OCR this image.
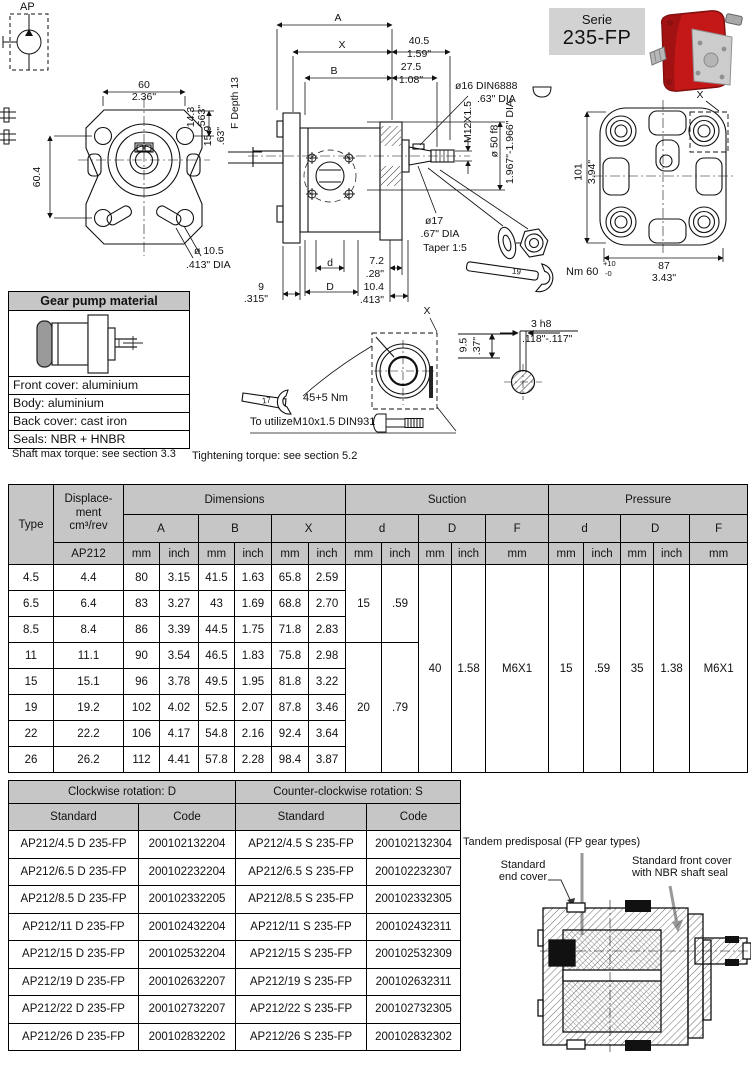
Serie
235-FP
AP
60
2.36"
14.3
.563"
60.4
ø 10.5
.413" DIA
A
X	40.5
1.59"
B	27.5
1.08"
F Depth 13
15.9 .63"
ø16 DIN6888
.63" DIA
M12X1.5 ø 50 f8 1.967"-1.966" DIA
ø17
.67" DIA
Taper 1:5
7.2
.28"
10.4
.413"
9
.315"
d
D
X
19	Nm 60
+10
-0
X
101 3.94"
87
3.43"
45+5 Nm
17
To utilizeM10x1.5 DIN931
9.5 .37"
3 h8
.118"-.117"
Gear pump material
Front cover: aluminium
Body: aluminium
Back cover: cast iron
Seals: NBR + HNBR
Shaft max torque: see section 3.3 Tightening torque: see section 5.2
Type	Displace-
ment
cm³/rev	Dimensions						Suction					Pressure				
		A		B		X		d		D		F	d		D		F
	AP212	mm	inch	mm	inch	mm	inch	mm	inch	mm	inch	mm	mm	inch	mm	inch	mm
4.5	4.4	80	3.15	41.5	1.63	65.8	2.59	15	.59	40	1.58	M6X1	15	.59	35	1.38	M6X1
6.5	6.4	83	3.27	43	1.69	68.8	2.70										
8.5	8.4	86	3.39	44.5	1.75	71.8	2.83										
11	11.1	90	3.54	46.5	1.83	75.8	2.98	20	.79								
15	15.1	96	3.78	49.5	1.95	81.8	3.22										
19	19.2	102	4.02	52.5	2.07	87.8	3.46										
22	22.2	106	4.17	54.8	2.16	92.4	3.64										
26	26.2	112	4.41	57.8	2.28	98.4	3.87										
Clockwise rotation: D		Counter-clockwise rotation: S	
Standard	Code	Standard	Code
AP212/4.5 D 235-FP	200102132204	AP212/4.5 S 235-FP	200102132304
AP212/6.5 D 235-FP	200102232204	AP212/6.5 S 235-FP	200102232307
AP212/8.5 D 235-FP	200102332205	AP212/8.5 S 235-FP	200102332305
AP212/11 D 235-FP	200102432204	AP212/11 S 235-FP	200102432311
AP212/15 D 235-FP	200102532204	AP212/15 S 235-FP	200102532309
AP212/19 D 235-FP	200102632207	AP212/19 S 235-FP	200102632311
AP212/22 D 235-FP	200102732207	AP212/22 S 235-FP	200102732305
AP212/26 D 235-FP	200102832202	AP212/26 S 235-FP	200102832302
Tandem predisposal (FP gear types)
Standard
end cover
Standard front cover
with NBR shaft seal
